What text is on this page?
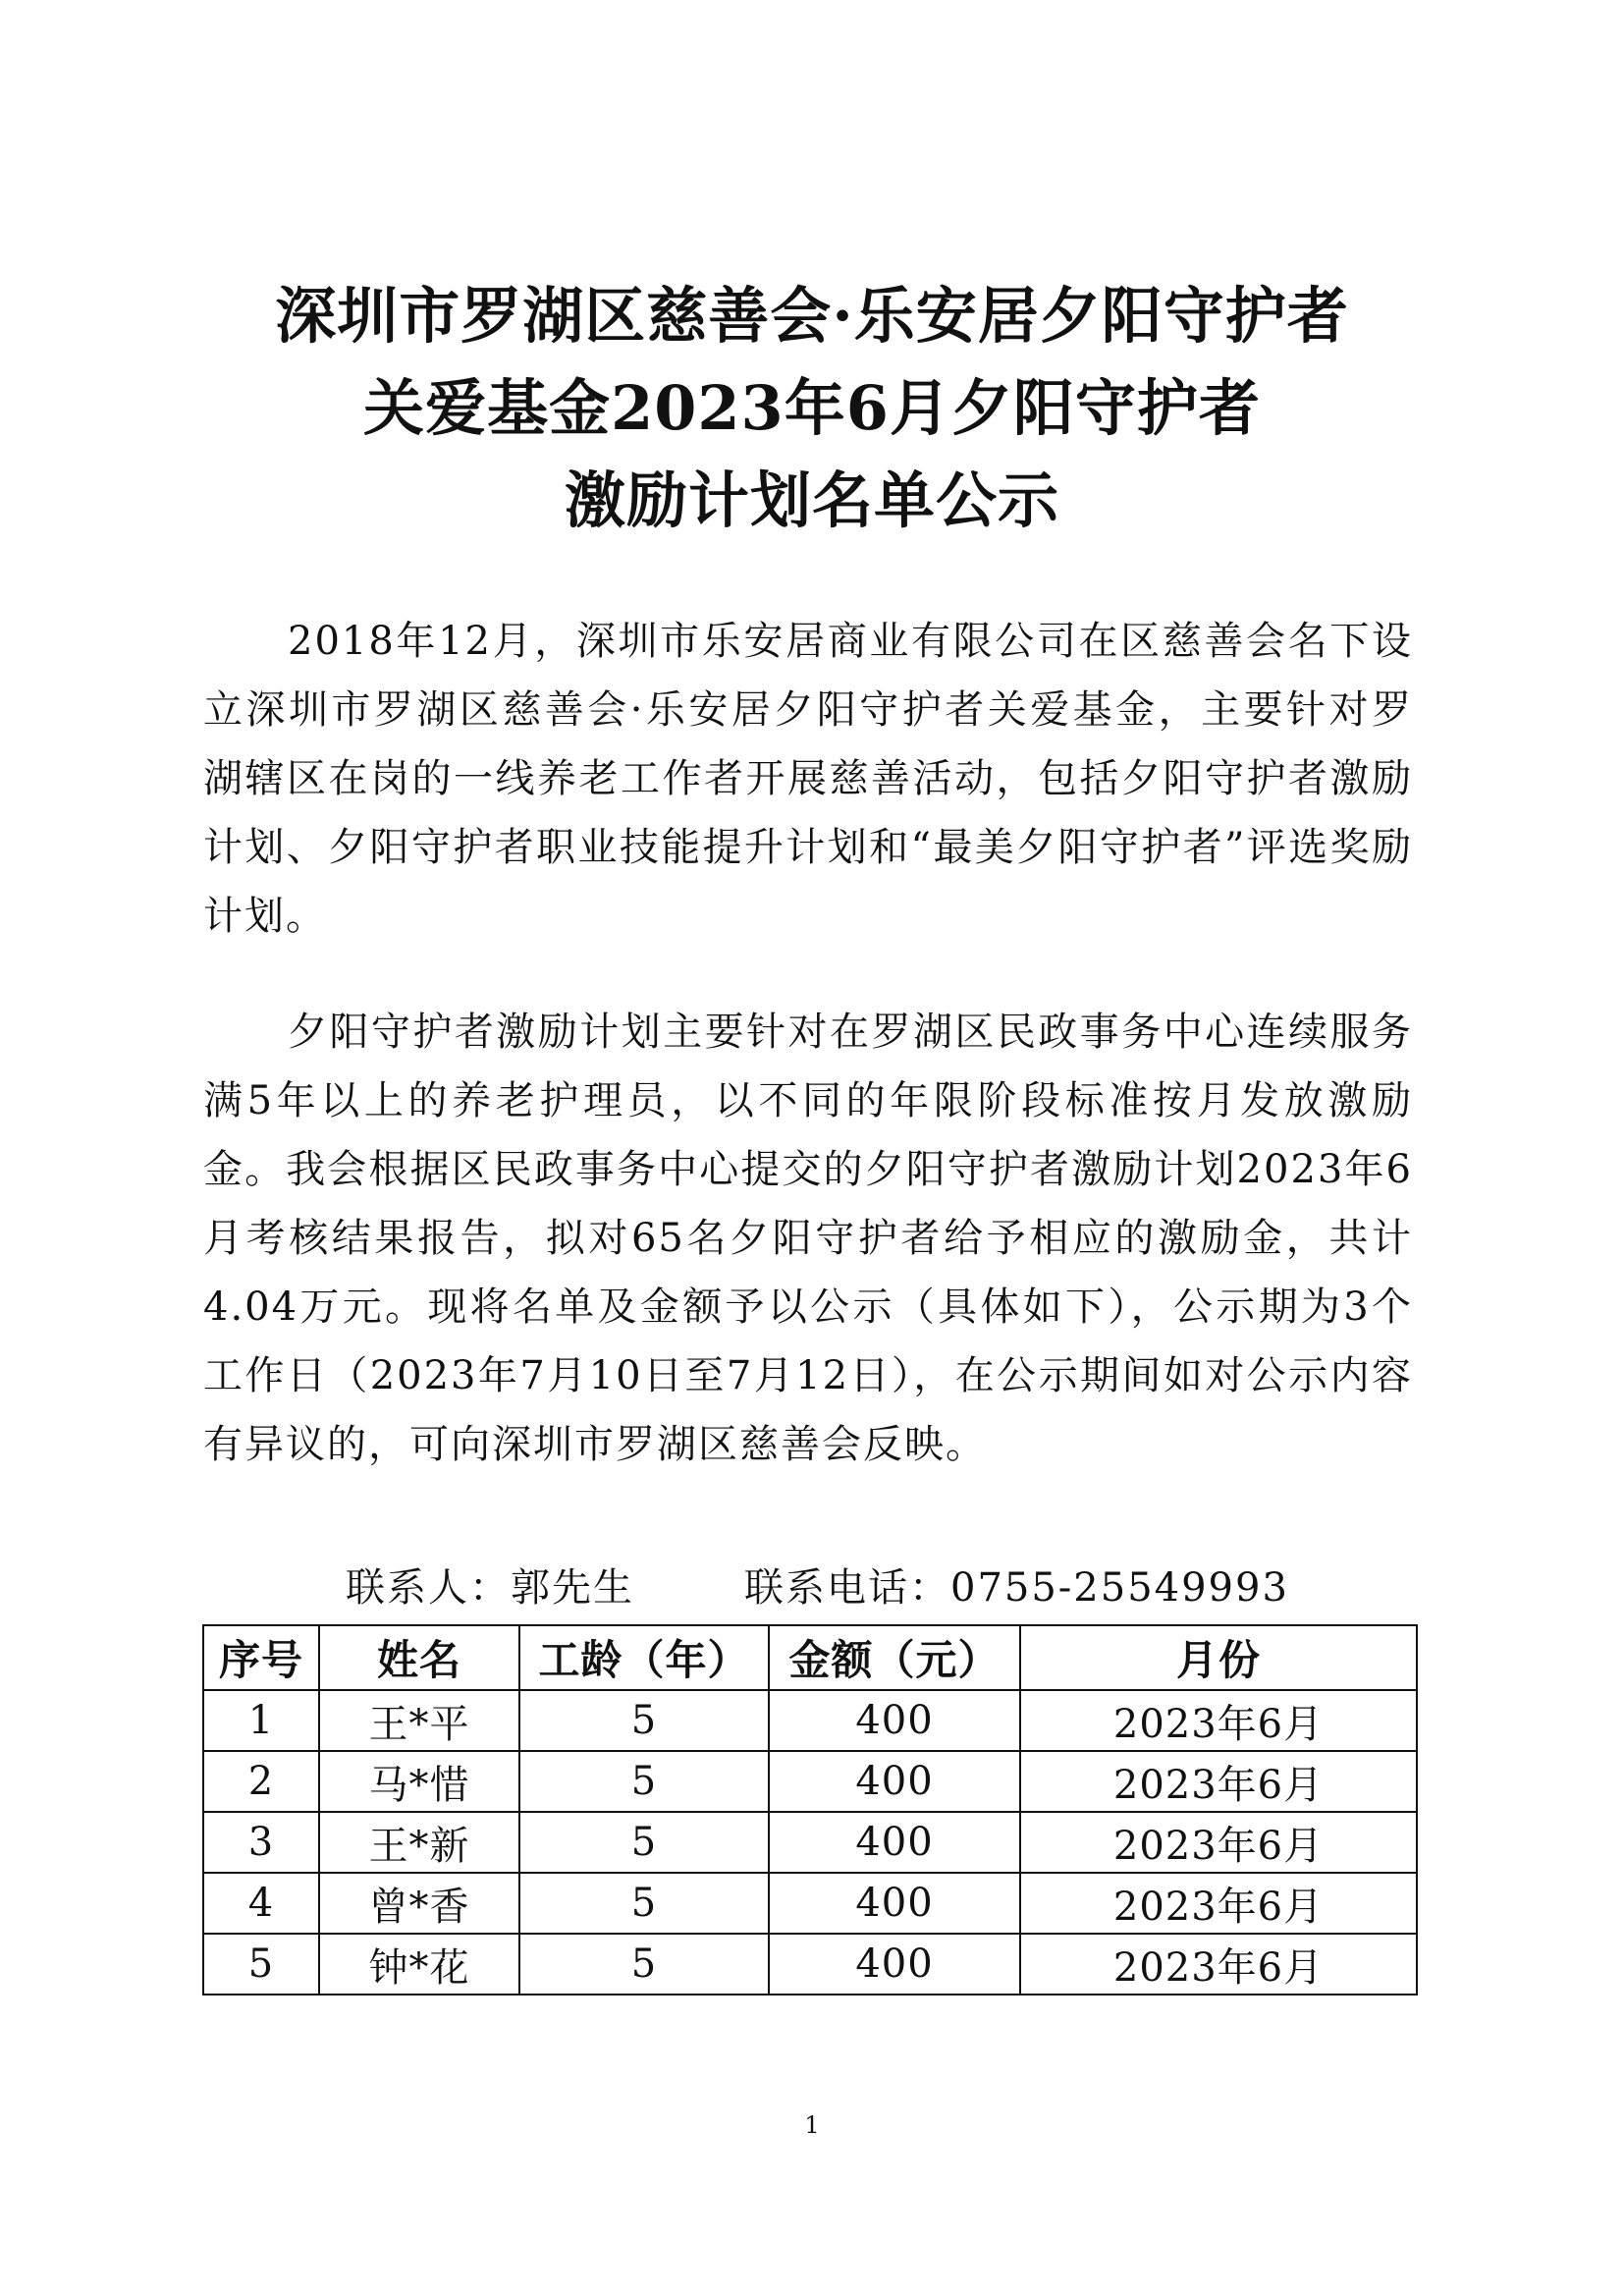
深圳市罗湖区慈善会·乐安居夕阳守护者
关爱基金2023年6月夕阳守护者
激励计划名单公示
2018年12月，深圳市乐安居商业有限公司在区慈善会名下设立深圳市罗湖区慈善会·乐安居夕阳守护者关爱基金，主要针对罗湖辖区在岗的一线养老工作者开展慈善活动，包括夕阳守护者激励计划、夕阳守护者职业技能提升计划和“最美夕阳守护者”评选奖励计划。
夕阳守护者激励计划主要针对在罗湖区民政事务中心连续服务满5年以上的养老护理员，以不同的年限阶段标准按月发放激励金。我会根据区民政事务中心提交的夕阳守护者激励计划2023年6月考核结果报告，拟对65名夕阳守护者给予相应的激励金，共计4.04万元。现将名单及金额予以公示（具体如下），公示期为3个工作日（2023年7月10日至7月12日），在公示期间如对公示内容有异议的，可向深圳市罗湖区慈善会反映。
联系人：郭先生	联系电话：0755-25549993
序号	姓名	工龄（年）	金额（元）	月份
1	王*平	5	400	2023年6月
2	马*惜	5	400	2023年6月
3	王*新	5	400	2023年6月
4	曾*香	5	400	2023年6月
5	钟*花	5	400	2023年6月
1
